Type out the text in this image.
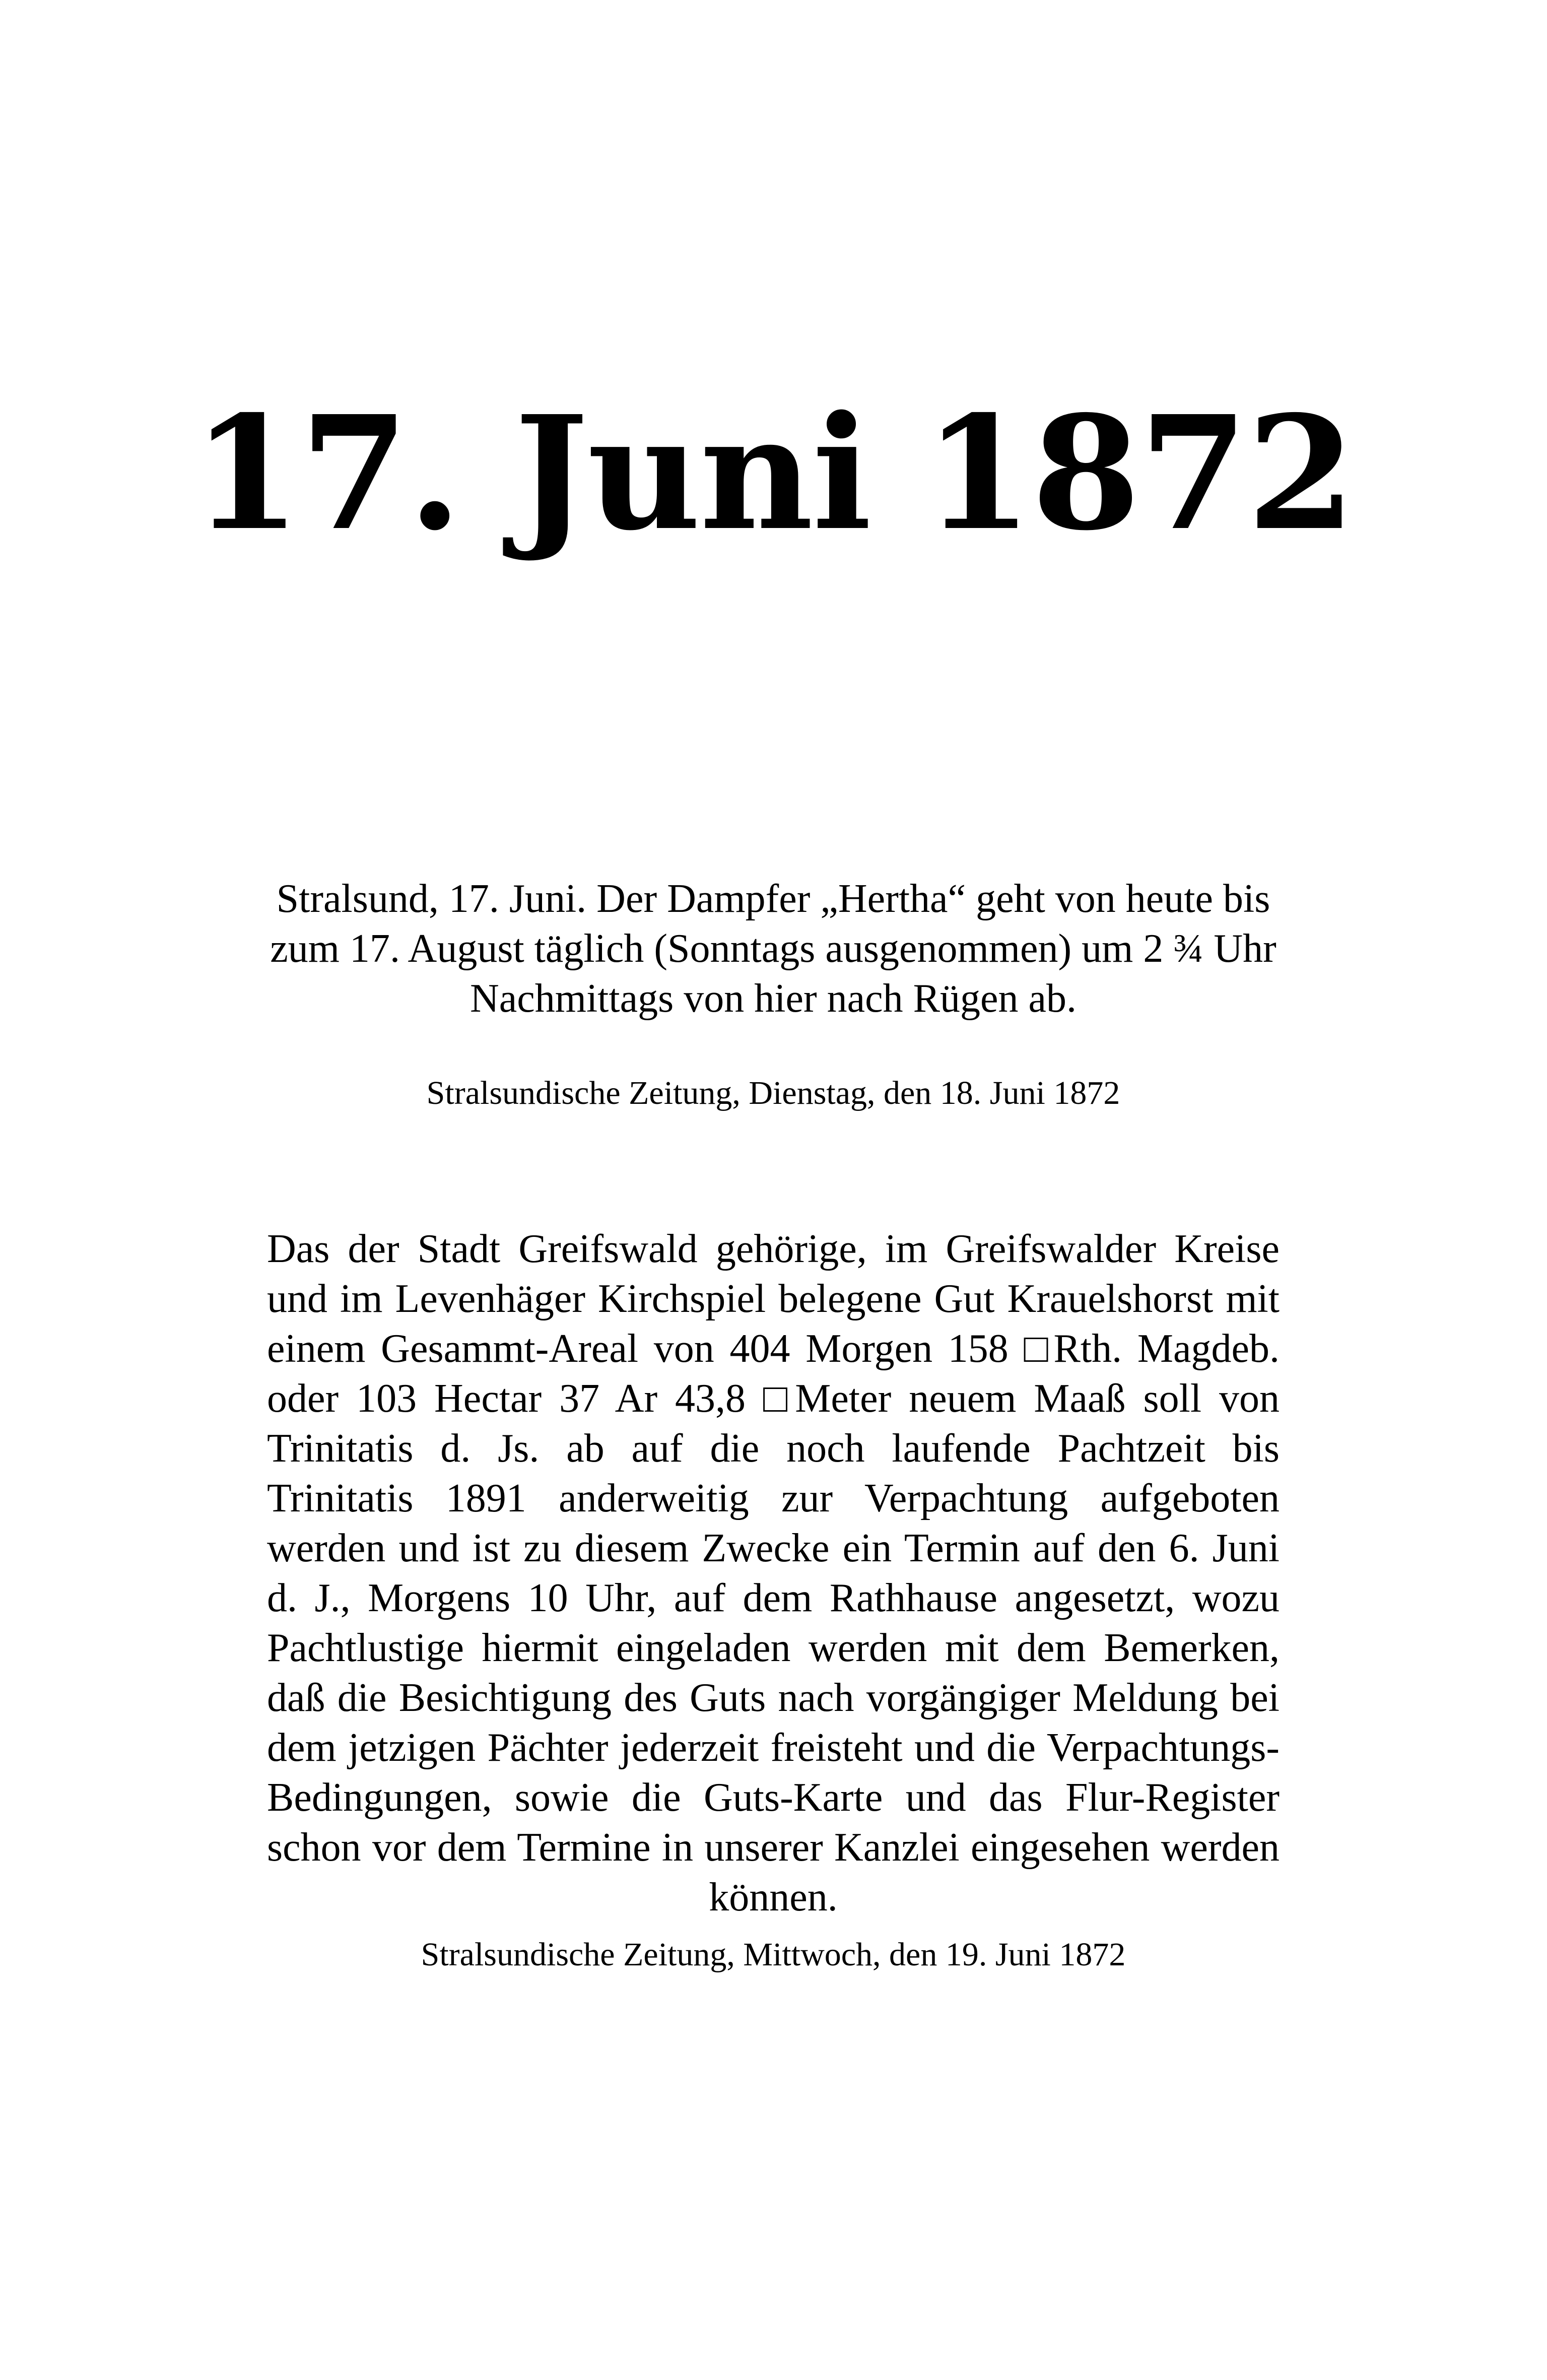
17. Juni 1872

Stralsund, 17. Juni. Der Dampfer „Hertha“ geht von heute bis zum 17. August täglich (Sonntags ausgenommen) um 2 ¾ Uhr Nachmittags von hier nach Rügen ab.

Stralsundische Zeitung, Dienstag, den 18. Juni 1872

Das der Stadt Greifswald gehörige, im Greifswalder Kreise und im Levenhäger Kirchspiel belegene Gut Krauelshorst mit einem Gesammt-Areal von 404 Morgen 158 □Rth. Magdeb. oder 103 Hectar 37 Ar 43,8 □Meter neuem Maaß soll von Trinitatis d. Js. ab auf die noch laufende Pachtzeit bis Trinitatis 1891 anderweitig zur Verpachtung aufgeboten werden und ist zu diesem Zwecke ein Termin auf den 6. Juni d. J., Morgens 10 Uhr, auf dem Rathhause angesetzt, wozu Pachtlustige hiermit eingeladen werden mit dem Bemerken, daß die Besichtigung des Guts nach vorgängiger Meldung bei dem jetzigen Pächter jederzeit freisteht und die Verpachtungs-Bedingungen, sowie die Guts-Karte und das Flur-Register schon vor dem Termine in unserer Kanzlei eingesehen werden können.

Stralsundische Zeitung, Mittwoch, den 19. Juni 1872
